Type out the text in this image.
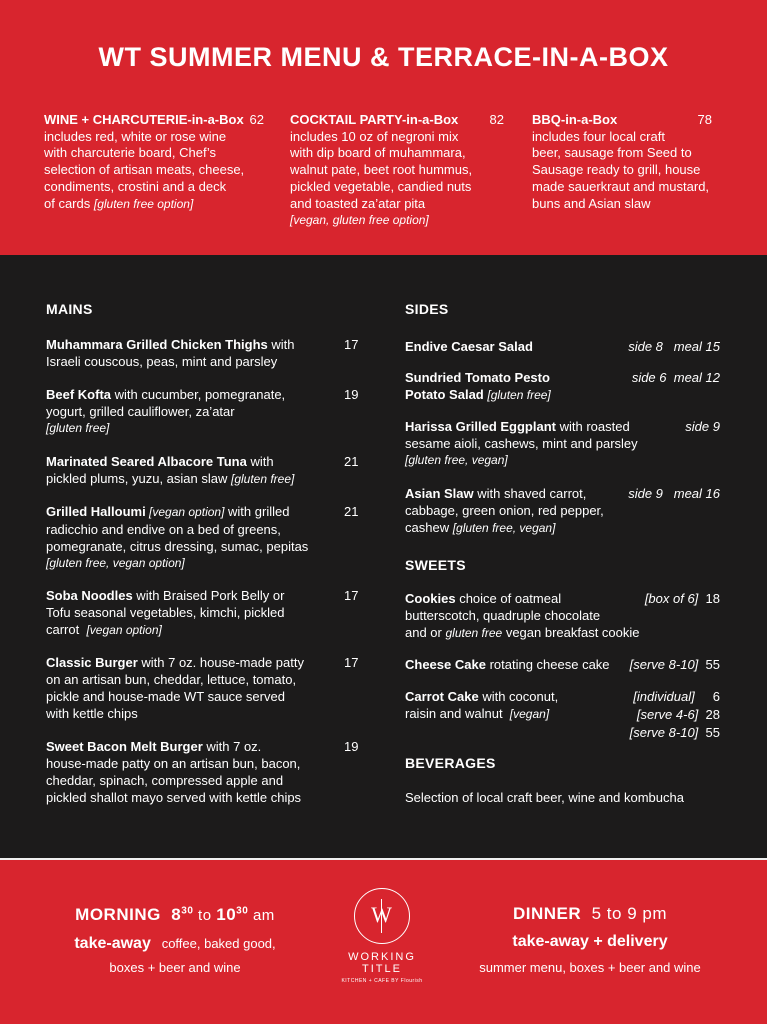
WT SUMMER MENU & TERRACE-IN-A-BOX
WINE + CHARCUTERIE-in-a-Box 62
includes red, white or rose wine
with charcuterie board, Chef’s
selection of artisan meats, cheese,
condiments, crostini and a deck
of cards [gluten free option]
COCKTAIL PARTY-in-a-Box 82
includes 10 oz of negroni mix
with dip board of muhammara,
walnut pate, beet root hummus,
pickled vegetable, candied nuts
and toasted za’atar pita
[vegan, gluten free option]
BBQ-in-a-Box	78
includes four local craft
beer, sausage from Seed to
Sausage ready to grill, house
made sauerkraut and mustard,
buns and Asian slaw
MAINS
Muhammara Grilled Chicken Thighs with
Israeli couscous, peas, mint and parsley
17
Beef Kofta with cucumber, pomegranate,
yogurt, grilled cauliflower, za’atar
[gluten free]
19
Marinated Seared Albacore Tuna with
pickled plums, yuzu, asian slaw [gluten free]
21
Grilled Halloumi [vegan option] with grilled
radicchio and endive on a bed of greens,
pomegranate, citrus dressing, sumac, pepitas
[gluten free, vegan option]
21
Soba Noodles with Braised Pork Belly or
Tofu seasonal vegetables, kimchi, pickled
carrot [vegan option]
17
Classic Burger with 7 oz. house-made patty
on an artisan bun, cheddar, lettuce, tomato,
pickle and house-made WT sauce served
with kettle chips
17
Sweet Bacon Melt Burger with 7 oz.
house-made patty on an artisan bun, bacon,
cheddar, spinach, compressed apple and
pickled shallot mayo served with kettle chips
19
SIDES
Endive Caesar Salad	side 8 meal 15
Sundried Tomato Pesto
Potato Salad [gluten free]
side 6 meal 12
Harissa Grilled Eggplant with roasted
sesame aioli, cashews, mint and parsley
[gluten free, vegan]
side 9
Asian Slaw with shaved carrot,
cabbage, green onion, red pepper,
cashew [gluten free, vegan]
side 9 meal 16
SWEETS
Cookies choice of oatmeal
butterscotch, quadruple chocolate
and or gluten free vegan breakfast cookie
[box of 6] 18
Cheese Cake rotating cheese cake [serve 8-10] 55
Carrot Cake with coconut,
raisin and walnut [vegan]
[individual] 6
[serve 4-6] 28
[serve 8-10] 55
BEVERAGES
Selection of local craft beer, wine and kombucha
MORNING $8^{30}$ to $10^{30}$ am
take-away coffee, baked good,
boxes + beer and wine
W
WORKING
TITLE
KITCHEN + CAFE BY Flourish
DINNER 5 to 9 pm
take-away + delivery
summer menu, boxes + beer and wine
